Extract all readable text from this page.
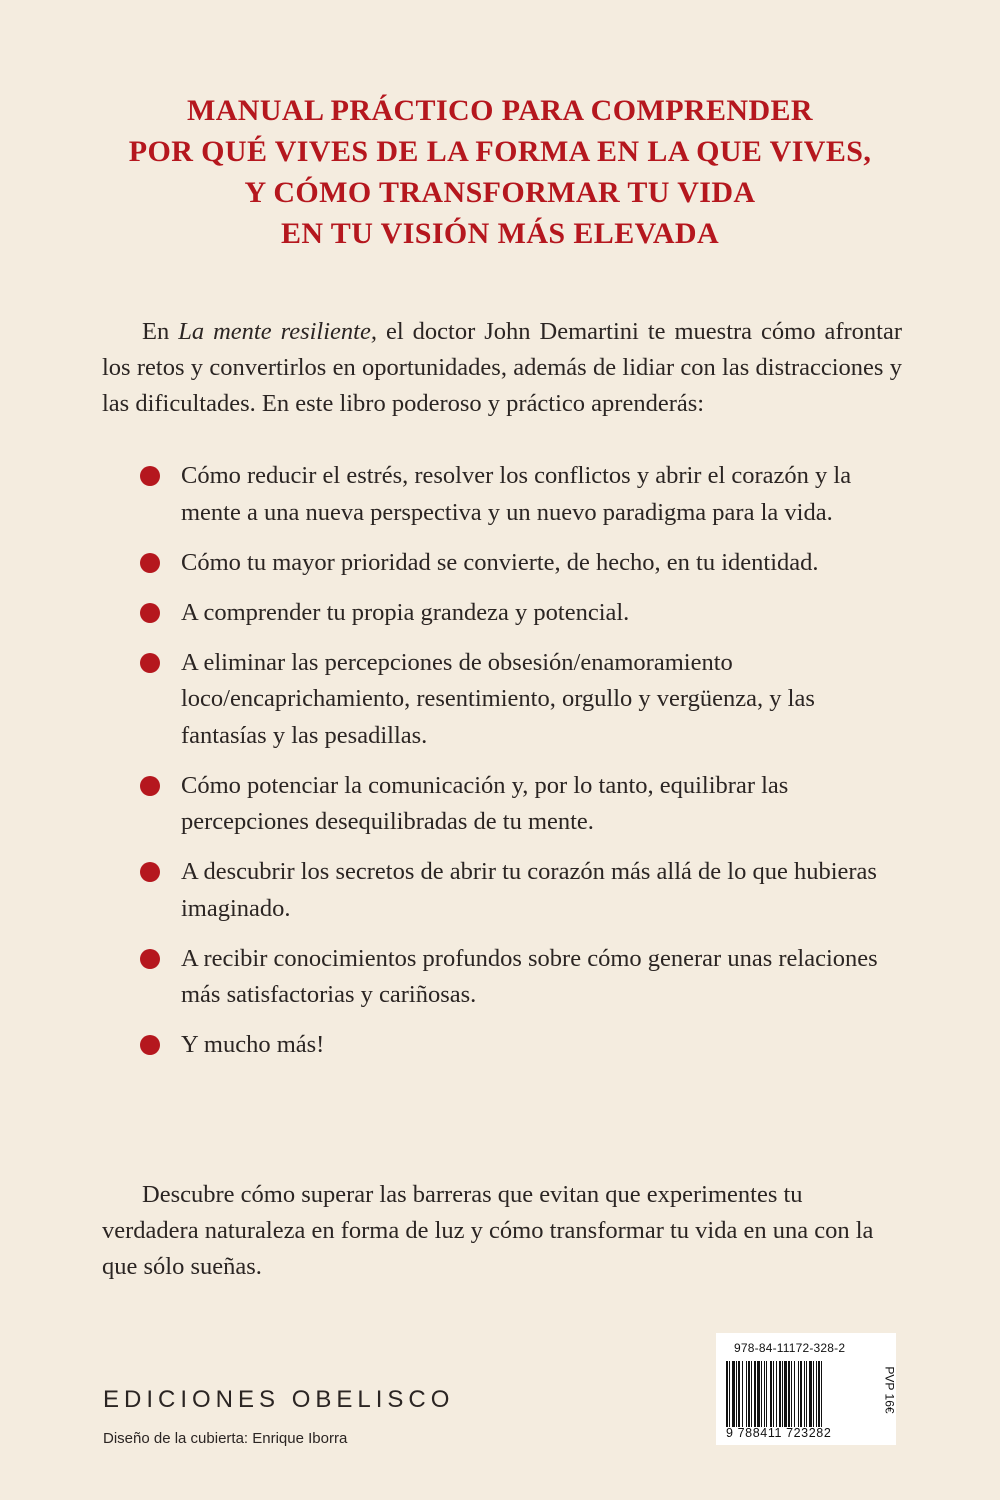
MANUAL PRÁCTICO PARA COMPRENDER
POR QUÉ VIVES DE LA FORMA EN LA QUE VIVES,
Y CÓMO TRANSFORMAR TU VIDA
EN TU VISIÓN MÁS ELEVADA

En La mente resiliente, el doctor John Demartini te muestra cómo afrontar los retos y convertirlos en oportunidades, además de lidiar con las distracciones y las dificultades. En este libro poderoso y práctico aprenderás:

Cómo reducir el estrés, resolver los conflictos y abrir el corazón y la mente a una nueva perspectiva y un nuevo paradigma para la vida.
Cómo tu mayor prioridad se convierte, de hecho, en tu identidad.
A comprender tu propia grandeza y potencial.
A eliminar las percepciones de obsesión/enamoramiento loco/encaprichamiento, resentimiento, orgullo y vergüenza, y las fantasías y las pesadillas.
Cómo potenciar la comunicación y, por lo tanto, equilibrar las percepciones desequilibradas de tu mente.
A descubrir los secretos de abrir tu corazón más allá de lo que hubieras imaginado.
A recibir conocimientos profundos sobre cómo generar unas relaciones más satisfactorias y cariñosas.
Y mucho más!

Descubre cómo superar las barreras que evitan que experimentes tu verdadera naturaleza en forma de luz y cómo transformar tu vida en una con la que sólo sueñas.

EDICIONES OBELISCO
Diseño de la cubierta: Enrique Iborra
978-84-11172-328-2
9 788411 723282
PVP 16€
